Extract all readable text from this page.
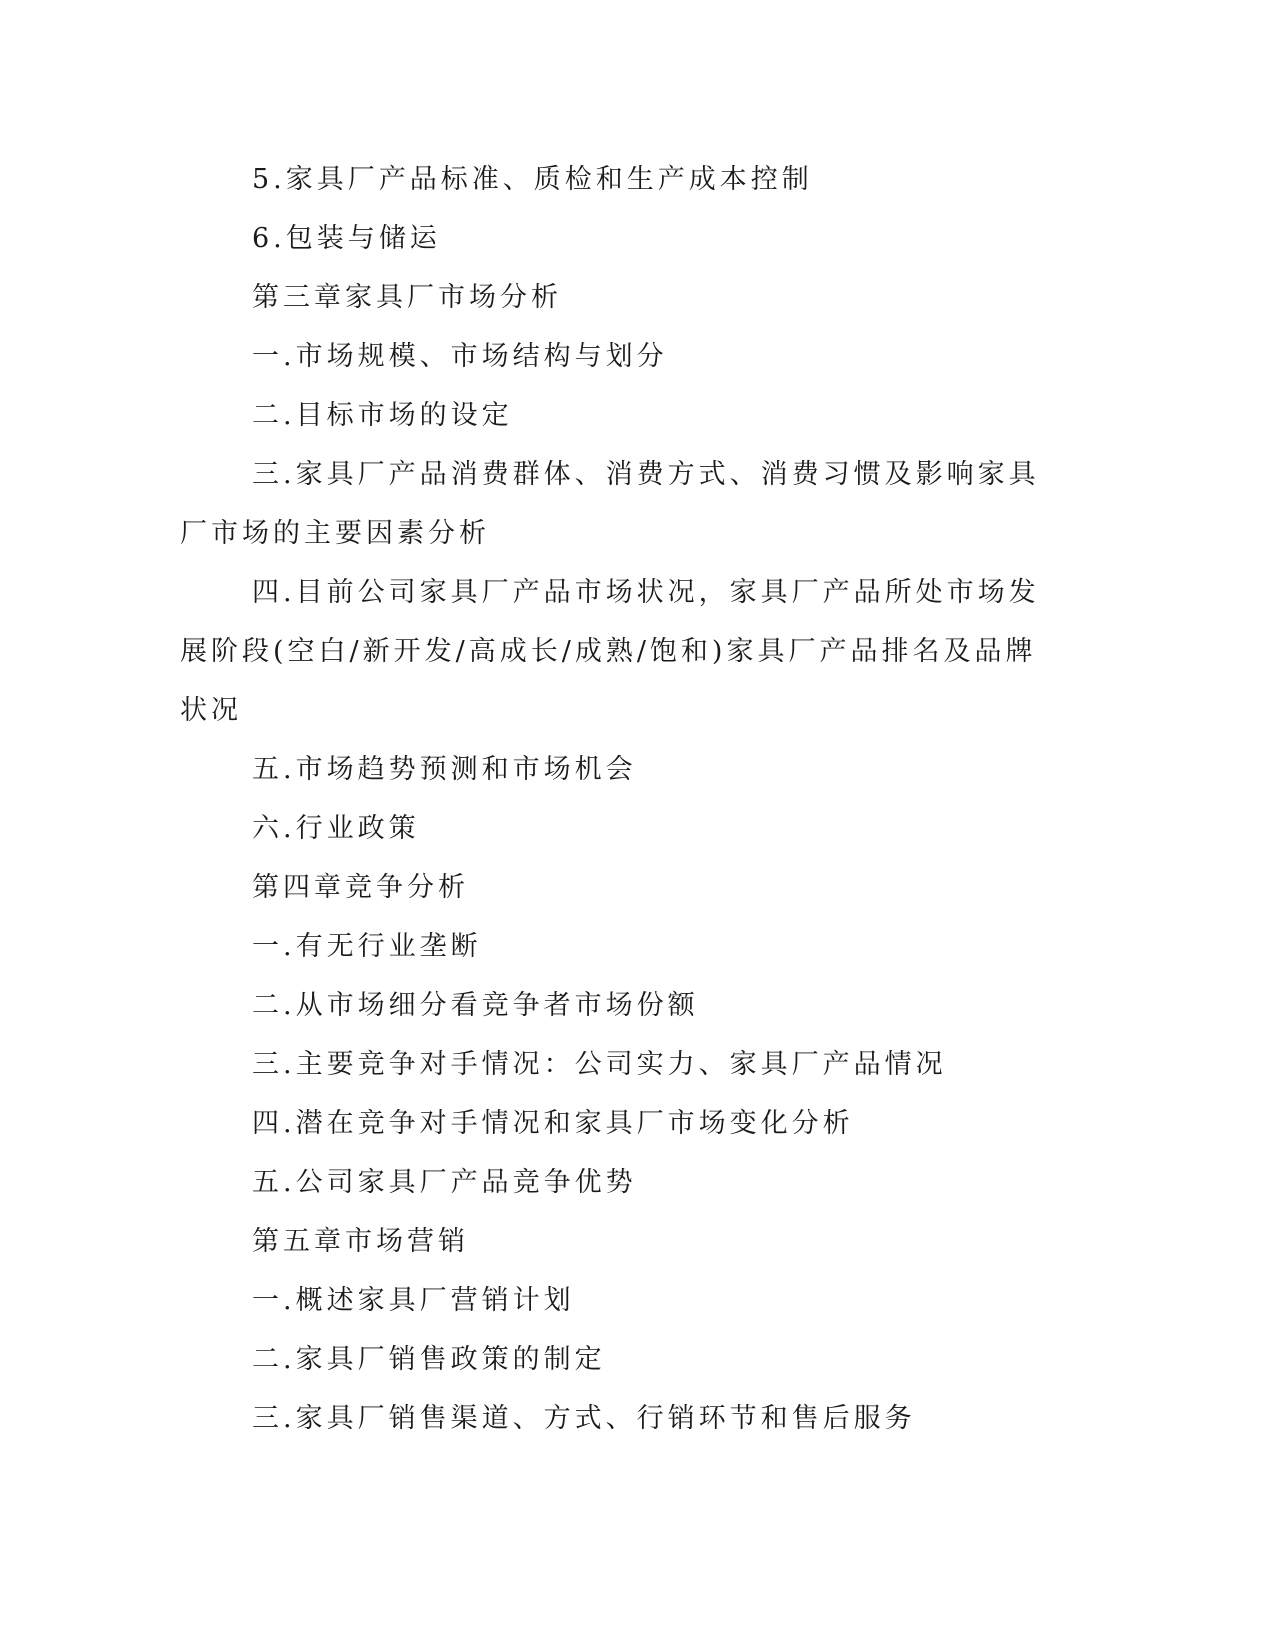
5.家具厂产品标准、质检和生产成本控制

6.包装与储运

第三章家具厂市场分析

一.市场规模、市场结构与划分

二.目标市场的设定

三.家具厂产品消费群体、消费方式、消费习惯及影响家具厂市场的主要因素分析

四.目前公司家具厂产品市场状况，家具厂产品所处市场发展阶段(空白/新开发/高成长/成熟/饱和)家具厂产品排名及品牌状况

五.市场趋势预测和市场机会

六.行业政策

第四章竞争分析

一.有无行业垄断

二.从市场细分看竞争者市场份额

三.主要竞争对手情况：公司实力、家具厂产品情况

四.潜在竞争对手情况和家具厂市场变化分析

五.公司家具厂产品竞争优势

第五章市场营销

一.概述家具厂营销计划

二.家具厂销售政策的制定

三.家具厂销售渠道、方式、行销环节和售后服务
